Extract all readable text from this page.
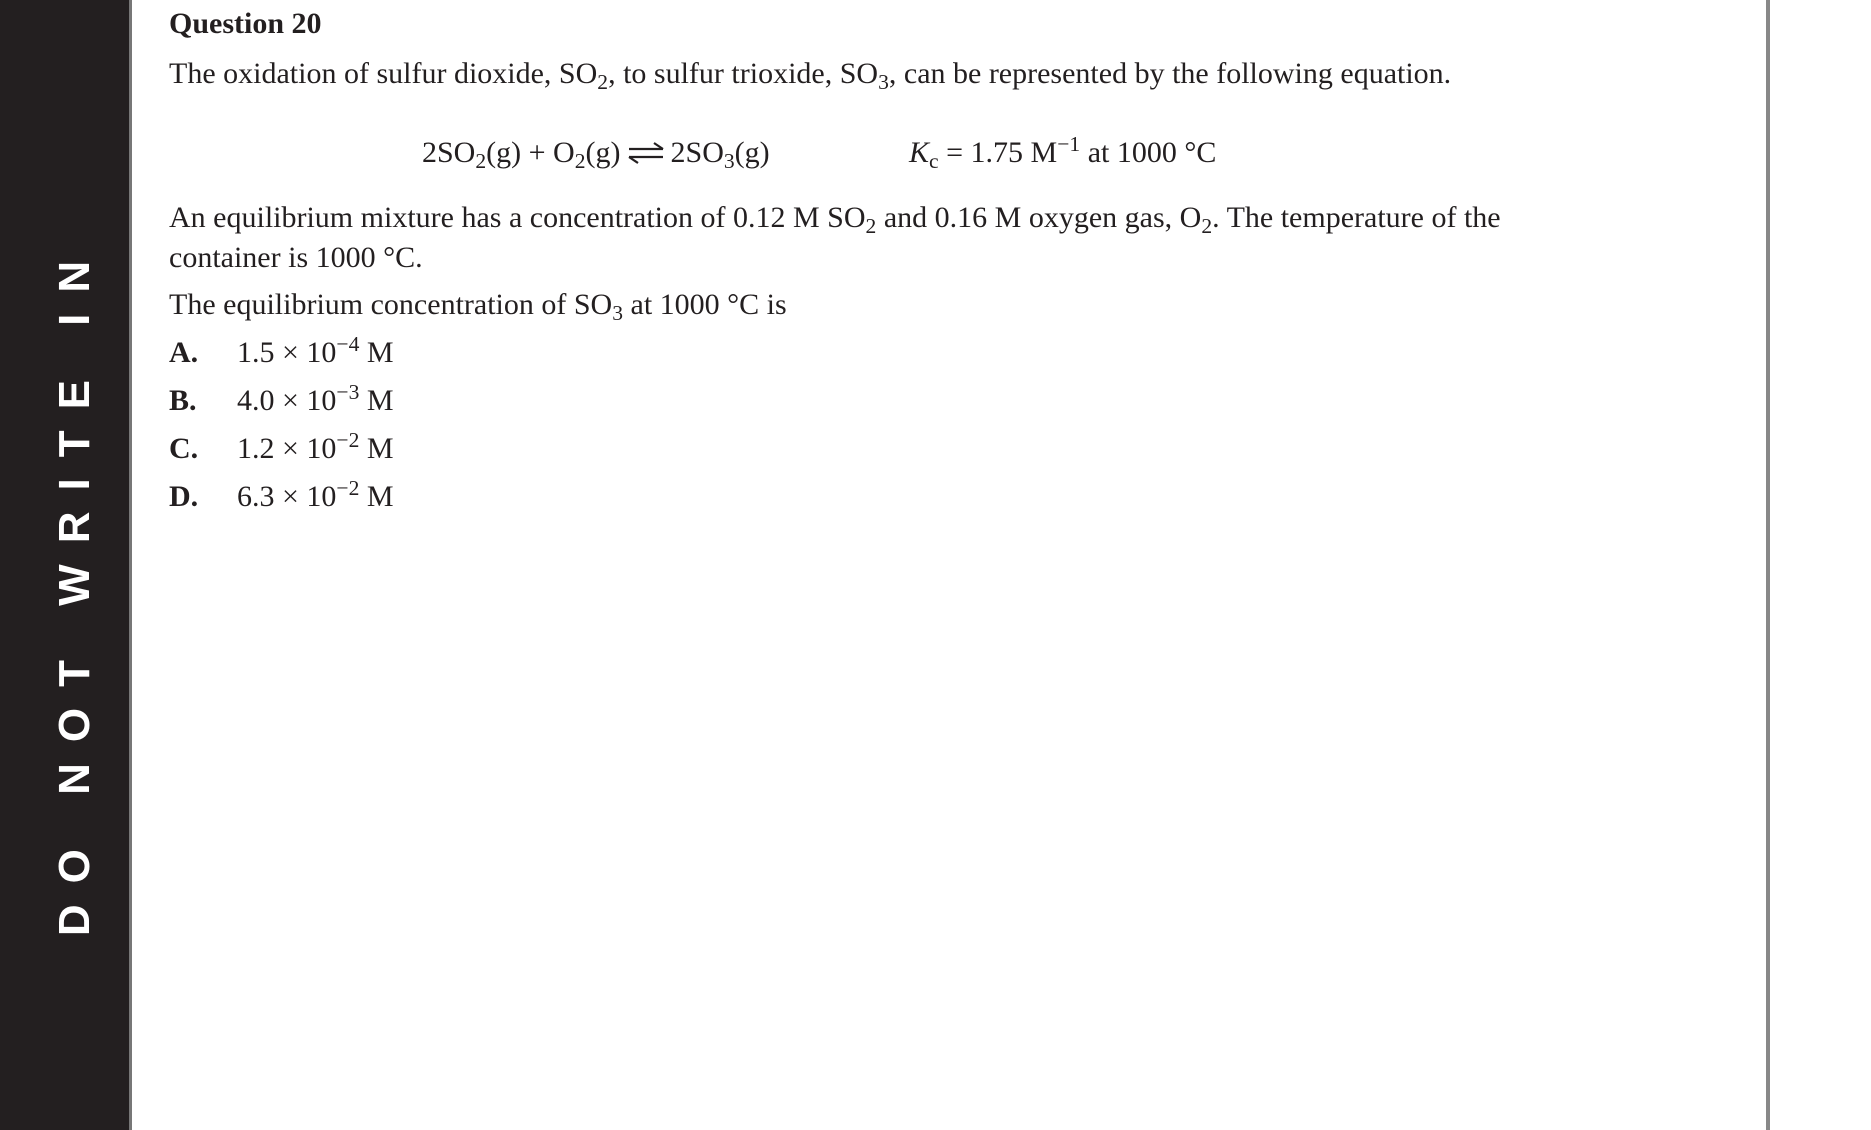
DO NOT WRITE IN
Question 20
The oxidation of sulfur dioxide, $SO_2$, to sulfur trioxide, $SO_3$, can be represented by the following equation.
$2SO_2(g) + O_2(g)$ ⇌ $2SO_3(g)$	$K_c = 1.75$ $M^{-1}$ at 1000 °C
An equilibrium mixture has a concentration of 0.12 M $SO_2$ and 0.16 M oxygen gas, $O_2$. The temperature of the
container is 1000 °C.
The equilibrium concentration of $SO_3$ at 1000 °C is
A. $1.5 \times 10^{-4}$ M
B. $4.0 \times 10^{-3}$ M
C. $1.2 \times 10^{-2}$ M
D. $6.3 \times 10^{-2}$ M
